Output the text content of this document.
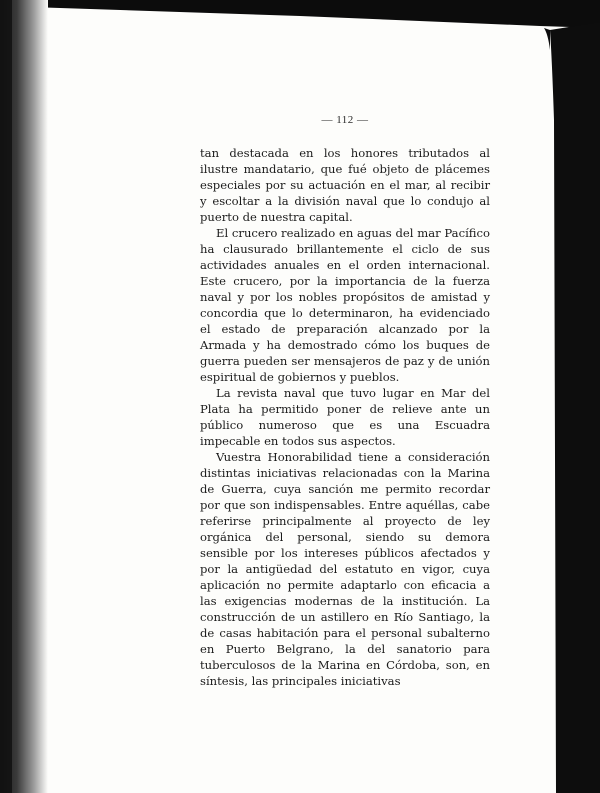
— 112 —

tan destacada en los honores tributados al ilustre mandatario, que fué objeto de plácemes especiales por su actuación en el mar, al recibir y escoltar a la división naval que lo condujo al puerto de nuestra capital.

El crucero realizado en aguas del mar Pacífico ha clausurado brillantemente el ciclo de sus actividades anuales en el orden internacional. Este crucero, por la importancia de la fuerza naval y por los nobles propósitos de amistad y concordia que lo determinaron, ha evidenciado el estado de preparación alcanzado por la Armada y ha demostrado cómo los buques de guerra pueden ser mensajeros de paz y de unión espiritual de gobiernos y pueblos.

La revista naval que tuvo lugar en Mar del Plata ha permitido poner de relieve ante un público numeroso que es una Escuadra impecable en todos sus aspectos.

Vuestra Honorabilidad tiene a consideración distintas iniciativas relacionadas con la Marina de Guerra, cuya sanción me permito recordar por que son indispensables. Entre aquéllas, cabe referirse principalmente al proyecto de ley orgánica del personal, siendo su demora sensible por los intereses públicos afectados y por la antigüedad del estatuto en vigor, cuya aplicación no permite adaptarlo con eficacia a las exigencias modernas de la institución. La construcción de un astillero en Río Santiago, la de casas habitación para el personal subalterno en Puerto Belgrano, la del sanatorio para tuberculosos de la Marina en Córdoba, son, en síntesis, las principales iniciativas
